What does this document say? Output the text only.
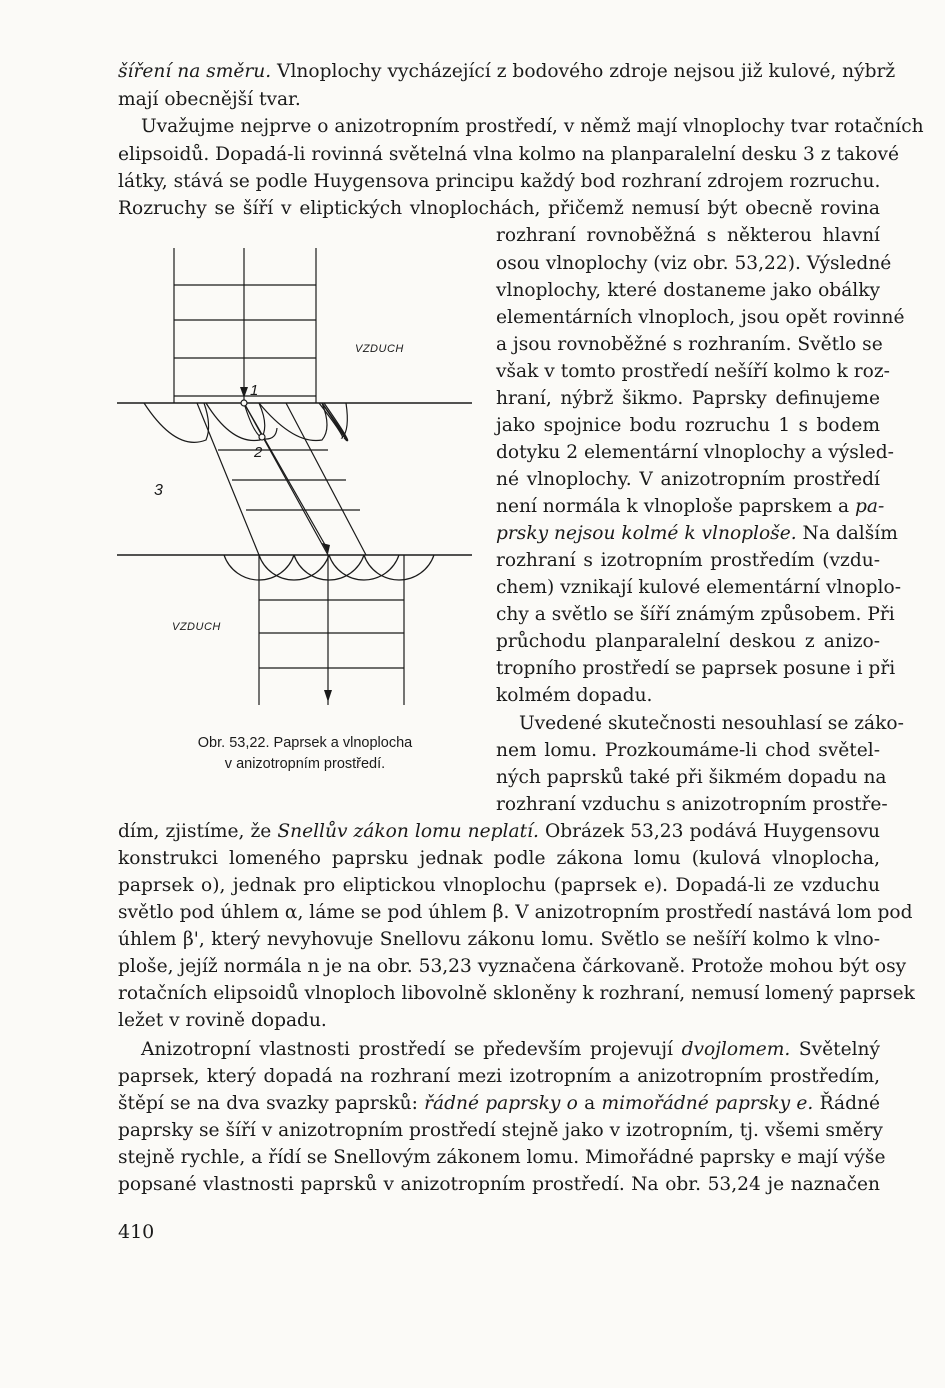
šíření na směru. Vlnoplochy vycházející z bodového zdroje nejsou již kulové, nýbrž
mají obecnější tvar.
Uvažujme nejprve o anizotropním prostředí, v němž mají vlnoplochy tvar rotačních
elipsoidů. Dopadá-li rovinná světelná vlna kolmo na planparalelní desku 3 z takové
látky, stává se podle Huygensova principu každý bod rozhraní zdrojem rozruchu.
Rozruchy se šíří v eliptických vlnoplochách, přičemž nemusí být obecně rovina
rozhraní rovnoběžná s některou hlavní
osou vlnoplochy (viz obr. 53,22). Výsledné
vlnoplochy, které dostaneme jako obálky
elementárních vlnoploch, jsou opět rovinné
a jsou rovnoběžné s rozhraním. Světlo se
však v tomto prostředí nešíří kolmo k roz-
hraní, nýbrž šikmo. Paprsky definujeme
jako spojnice bodu rozruchu 1 s bodem
dotyku 2 elementární vlnoplochy a výsled-
né vlnoplochy. V anizotropním prostředí
není normála k vlnoploše paprskem a pa-
prsky nejsou kolmé k vlnoploše. Na dalším
rozhraní s izotropním prostředím (vzdu-
chem) vznikají kulové elementární vlnoplo-
chy a světlo se šíří známým způsobem. Při
průchodu planparalelní deskou z anizo-
tropního prostředí se paprsek posune i při
kolmém dopadu.
Uvedené skutečnosti nesouhlasí se záko-
nem lomu. Prozkoumáme-li chod světel-
ných paprsků také při šikmém dopadu na
rozhraní vzduchu s anizotropním prostře-
dím, zjistíme, že Snellův zákon lomu neplatí. Obrázek 53,23 podává Huygensovu
konstrukci lomeného paprsku jednak podle zákona lomu (kulová vlnoplocha,
paprsek o), jednak pro eliptickou vlnoplochu (paprsek e). Dopadá-li ze vzduchu
světlo pod úhlem α, lámе se pod úhlem β. V anizotropním prostředí nastává lom pod
úhlem β', který nevyhovuje Snellovu zákonu lomu. Světlo se nešíří kolmo k vlno-
ploše, jejíž normála n je na obr. 53,23 vyznačena čárkovaně. Protože mohou být osy
rotačních elipsoidů vlnoploch libovolně skloněny k rozhraní, nemusí lomený paprsek
ležet v rovině dopadu.
Anizotropní vlastnosti prostředí se především projevují dvojlomem. Světelný
paprsek, který dopadá na rozhraní mezi izotropním a anizotropním prostředím,
štěpí se na dva svazky paprsků: řádné paprsky o a mimořádné paprsky e. Řádné
paprsky se šíří v anizotropním prostředí stejně jako v izotropním, tj. všemi směry
stejně rychle, a řídí se Snellovým zákonem lomu. Mimořádné paprsky e mají výše
popsané vlastnosti paprsků v anizotropním prostředí. Na obr. 53,24 je naznačen
VZDUCH
VZDUCH
3
1
2
Obr. 53,22. Paprsek a vlnoplocha
v anizotropním prostředí.
410
